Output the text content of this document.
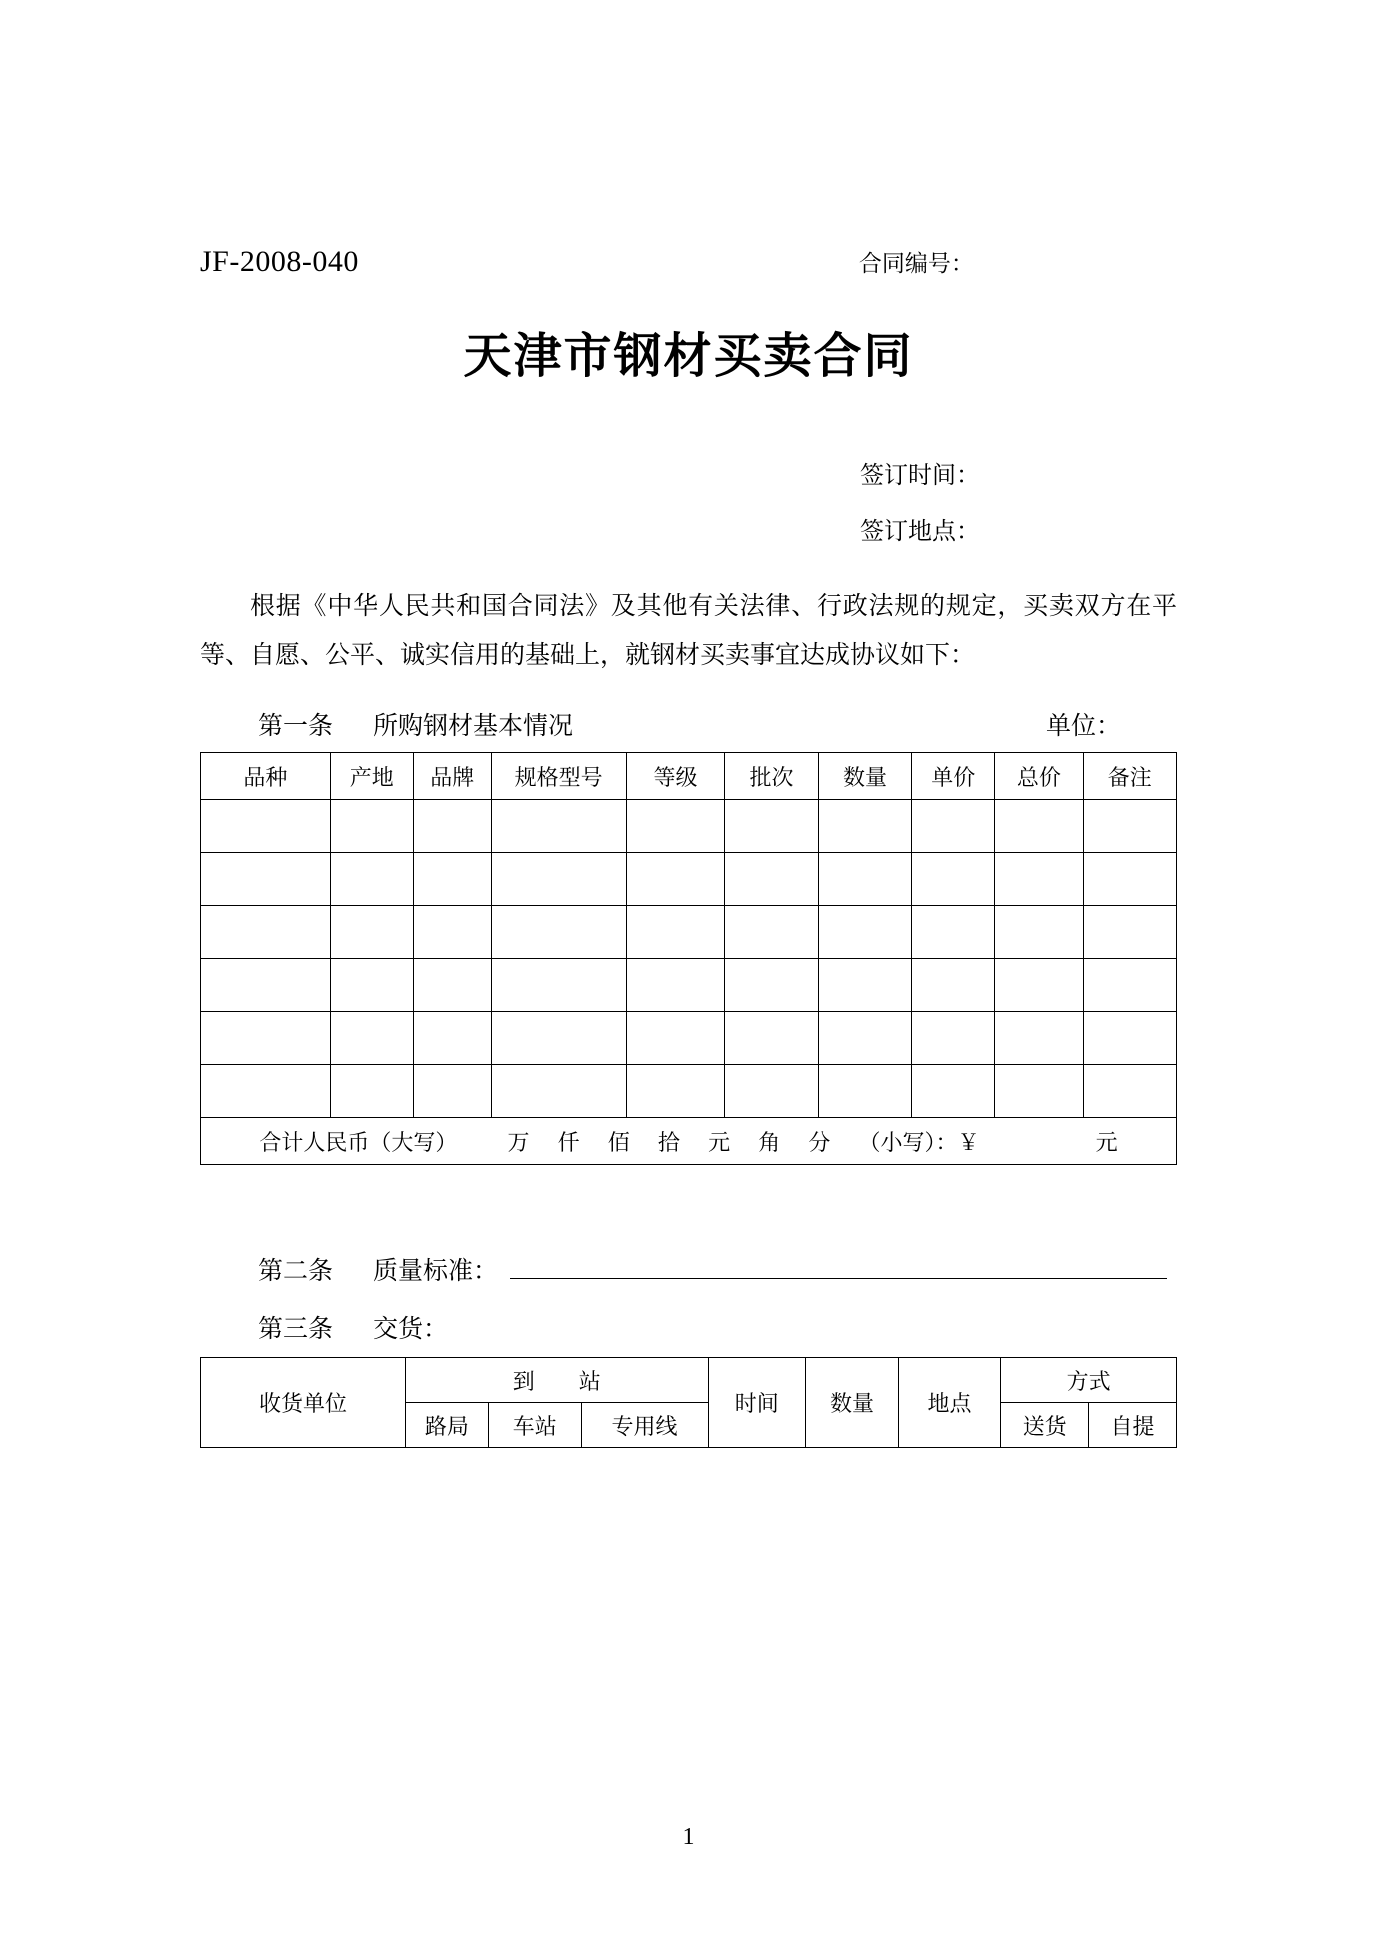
JF-2008-040	合同编号：
天津市钢材买卖合同
签订时间：
签订地点：
根据《中华人民共和国合同法》及其他有关法律、行政法规的规定，买卖双方在平等、自愿、公平、诚实信用的基础上，就钢材买卖事宜达成协议如下：
第一条 所购钢材基本情况	单位：
品种	产地	品牌	规格型号	等级	批次	数量	单价	总价	备注

合计人民币（大写） 万 仟 佰 拾 元 角 分 （小写）：￥ 元									
第二条 质量标准：
第三条 交货：
收货单位	到　　站			时间	数量	地点	方式	
	路局	车站	专用线				送货	自提
1
